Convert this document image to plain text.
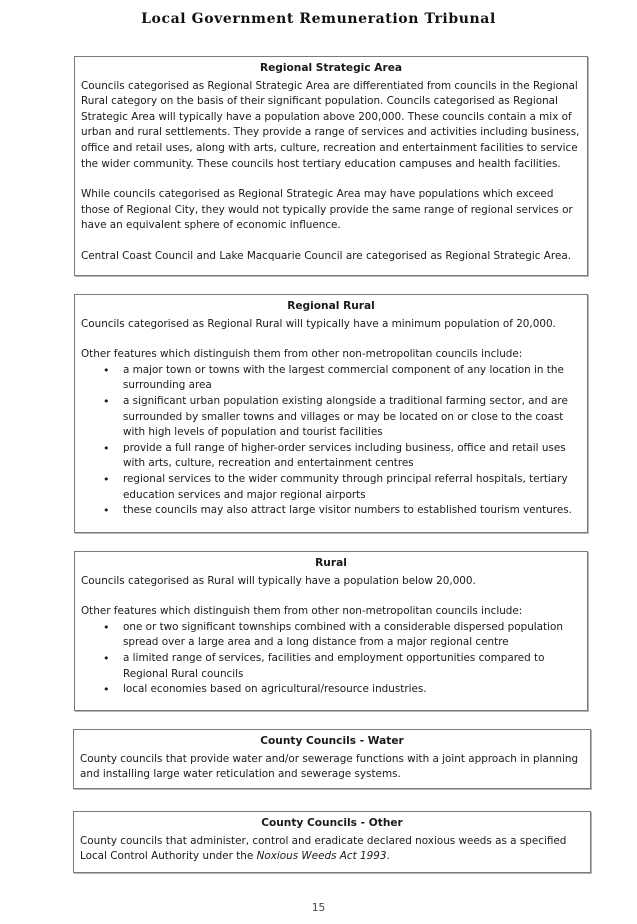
Local Government Remuneration Tribunal
Regional Strategic Area

Councils categorised as Regional Strategic Area are differentiated from councils in the Regional Rural category on the basis of their significant population. Councils categorised as Regional Strategic Area will typically have a population above 200,000. These councils contain a mix of urban and rural settlements. They provide a range of services and activities including business, office and retail uses, along with arts, culture, recreation and entertainment facilities to service the wider community. These councils host tertiary education campuses and health facilities.

While councils categorised as Regional Strategic Area may have populations which exceed those of Regional City, they would not typically provide the same range of regional services or have an equivalent sphere of economic influence.

Central Coast Council and Lake Macquarie Council are categorised as Regional Strategic Area.

Regional Rural

Councils categorised as Regional Rural will typically have a minimum population of 20,000.

Other features which distinguish them from other non-metropolitan councils include:

• a major town or towns with the largest commercial component of any location in the surrounding area
• a significant urban population existing alongside a traditional farming sector, and are surrounded by smaller towns and villages or may be located on or close to the coast with high levels of population and tourist facilities
• provide a full range of higher-order services including business, office and retail uses with arts, culture, recreation and entertainment centres
• regional services to the wider community through principal referral hospitals, tertiary education services and major regional airports
• these councils may also attract large visitor numbers to established tourism ventures.
Rural

Councils categorised as Rural will typically have a population below 20,000.

Other features which distinguish them from other non-metropolitan councils include:

• one or two significant townships combined with a considerable dispersed population spread over a large area and a long distance from a major regional centre
• a limited range of services, facilities and employment opportunities compared to Regional Rural councils
• local economies based on agricultural/resource industries.
County Councils - Water

County councils that provide water and/or sewerage functions with a joint approach in planning and installing large water reticulation and sewerage systems.

County Councils - Other

County councils that administer, control and eradicate declared noxious weeds as a specified Local Control Authority under the Noxious Weeds Act 1993.

15
